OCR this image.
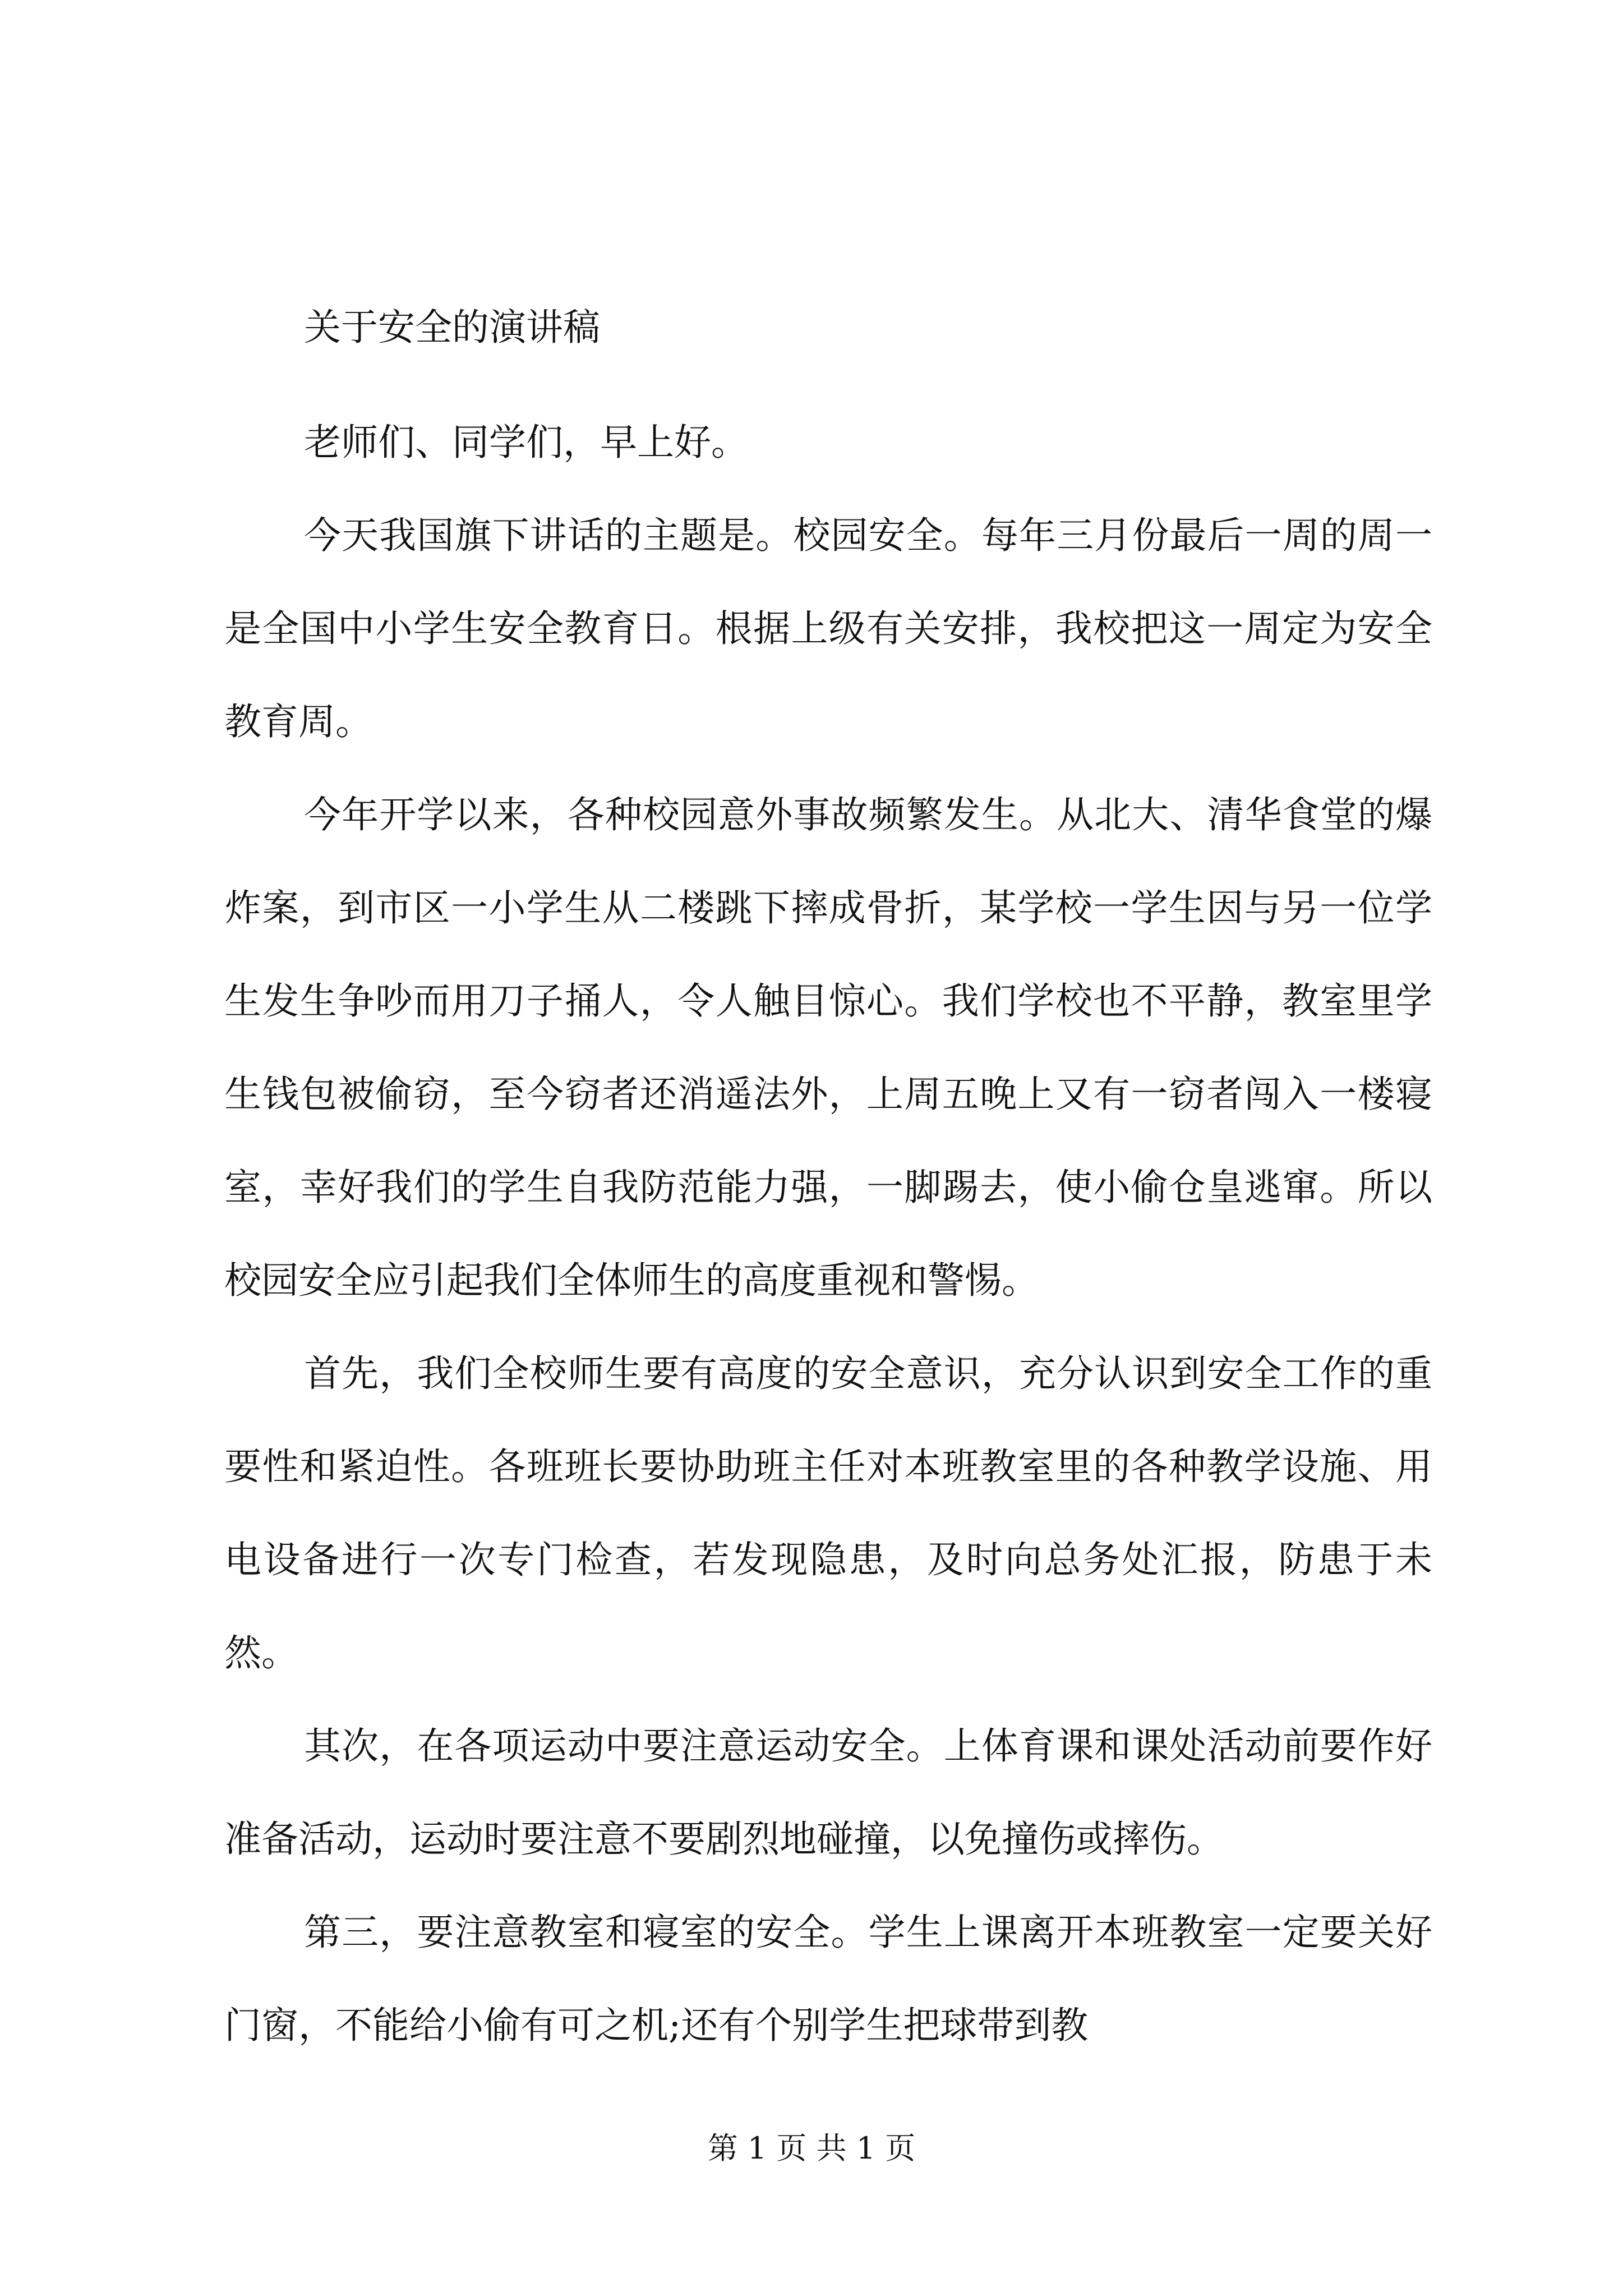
关于安全的演讲稿

老师们、同学们，早上好。

今天我国旗下讲话的主题是。校园安全。每年三月份最后一周的周一是全国中小学生安全教育日。根据上级有关安排，我校把这一周定为安全教育周。

今年开学以来，各种校园意外事故频繁发生。从北大、清华食堂的爆炸案，到市区一小学生从二楼跳下摔成骨折，某学校一学生因与另一位学生发生争吵而用刀子捅人，令人触目惊心。我们学校也不平静，教室里学生钱包被偷窃，至今窃者还消遥法外，上周五晚上又有一窃者闯入一楼寝室，幸好我们的学生自我防范能力强，一脚踢去，使小偷仓皇逃窜。所以校园安全应引起我们全体师生的高度重视和警惕。

首先，我们全校师生要有高度的安全意识，充分认识到安全工作的重要性和紧迫性。各班班长要协助班主任对本班教室里的各种教学设施、用电设备进行一次专门检查，若发现隐患，及时向总务处汇报，防患于未然。

其次，在各项运动中要注意运动安全。上体育课和课处活动前要作好准备活动，运动时要注意不要剧烈地碰撞，以免撞伤或摔伤。

第三，要注意教室和寝室的安全。学生上课离开本班教室一定要关好门窗，不能给小偷有可之机;还有个别学生把球带到教

第 1 页 共 1 页
